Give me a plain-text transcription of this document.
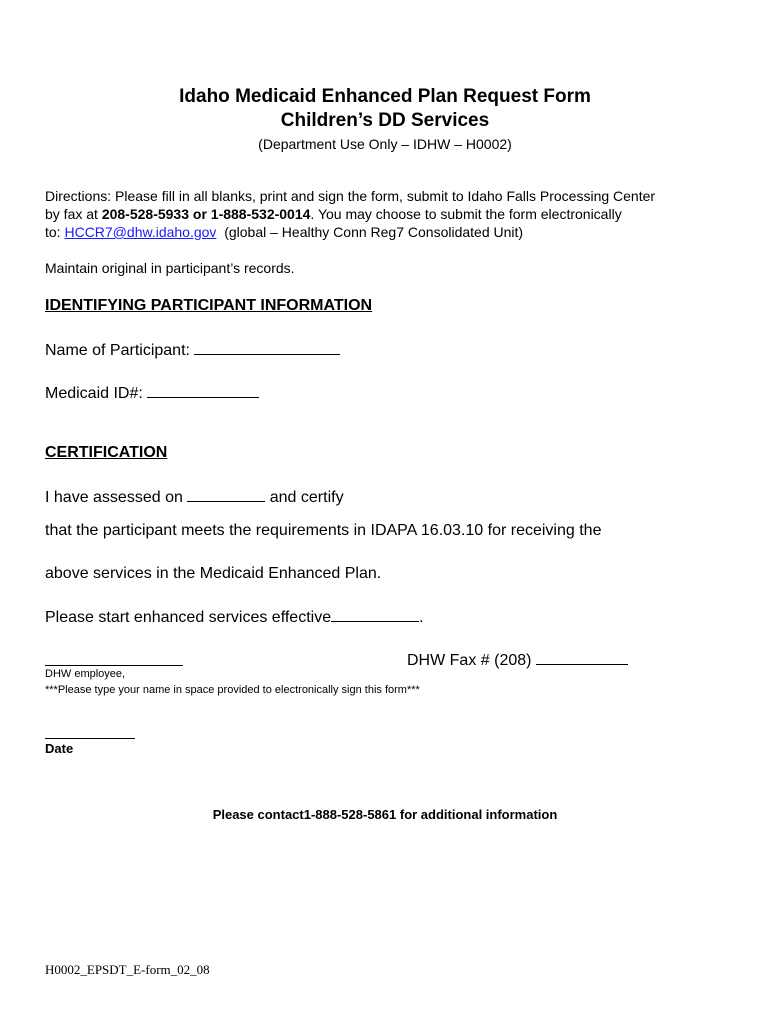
Idaho Medicaid Enhanced Plan Request Form
Children’s DD Services
(Department Use Only – IDHW – H0002)
Directions: Please fill in all blanks, print and sign the form, submit to Idaho Falls Processing Center
by fax at 208-528-5933 or 1-888-532-0014. You may choose to submit the form electronically
to: HCCR7@dhw.idaho.gov  (global – Healthy Conn Reg7 Consolidated Unit)
Maintain original in participant’s records.
IDENTIFYING PARTICIPANT INFORMATION
Name of Participant:
Medicaid ID#:
CERTIFICATION
I have assessed on	and certify
that the participant meets the requirements in IDAPA 16.03.10 for receiving the
above services in the Medicaid Enhanced Plan.
Please start enhanced services effective	.
DHW Fax # (208)
DHW employee,
***Please type your name in space provided to electronically sign this form***
Date
Please contact1-888-528-5861 for additional information
H0002_EPSDT_E-form_02_08
